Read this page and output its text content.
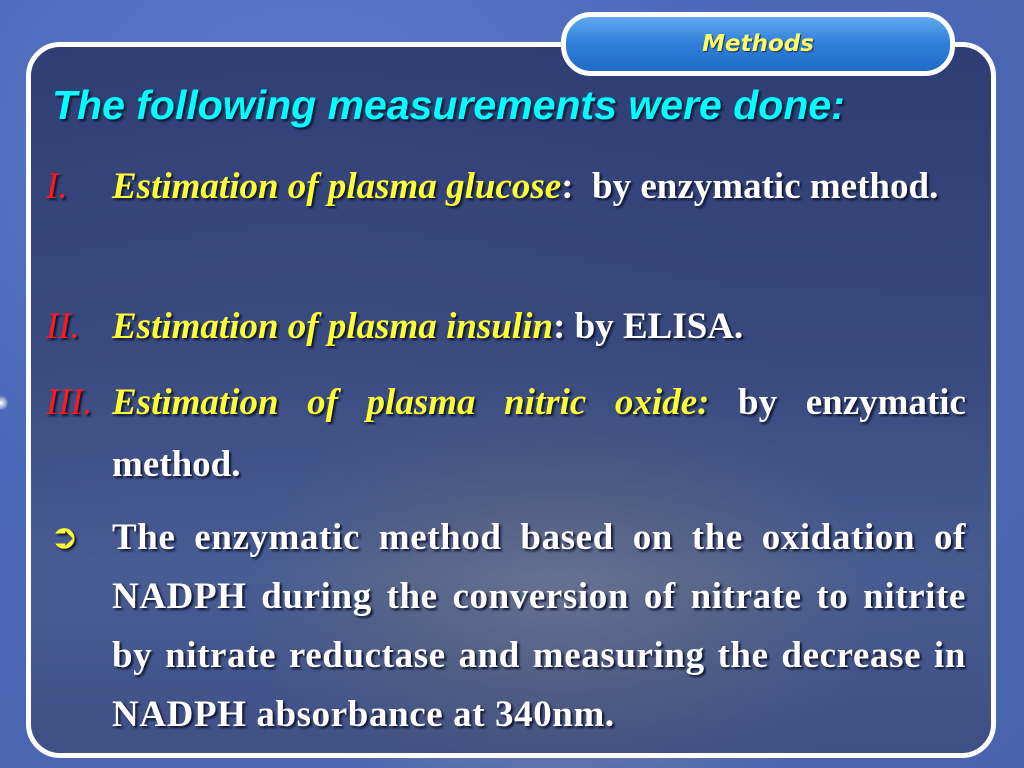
Methods
The following measurements were done:
I. Estimation of plasma glucose: by enzymatic method.
II. Estimation of plasma insulin: by ELISA.
III. Estimation of plasma nitric oxide: by enzymatic method.
➲ The enzymatic method based on the oxidation of NADPH during the conversion of nitrate to nitrite by nitrate reductase and measuring the decrease in NADPH absorbance at 340nm.
